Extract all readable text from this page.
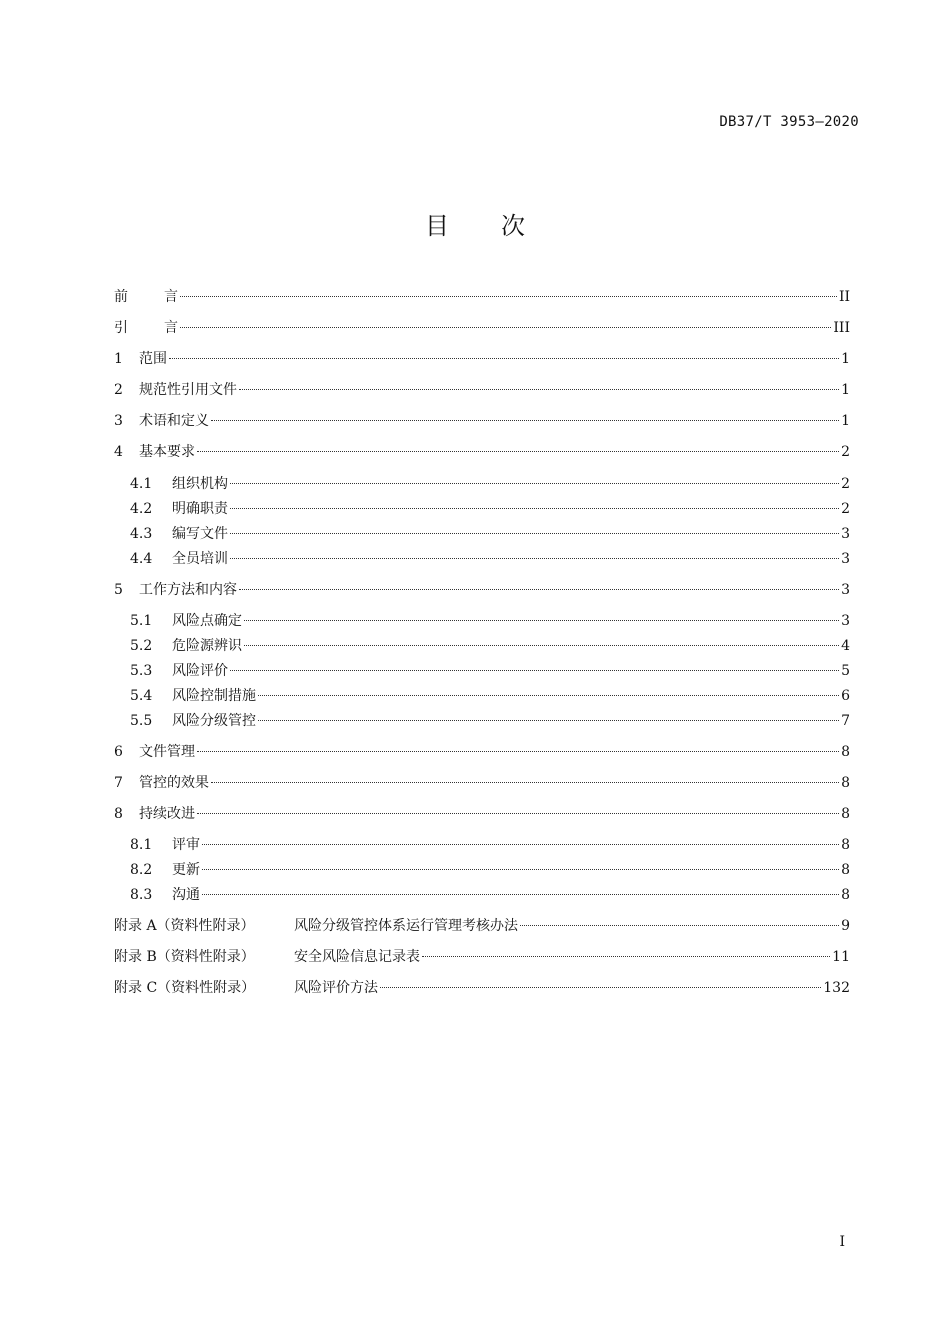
DB37/T 3953—2020
目 次
前	言	II
引	言	III
1	范围	1
2	规范性引用文件	1
3	术语和定义	1
4	基本要求	2
4.1	组织机构	2
4.2	明确职责	2
4.3	编写文件	3
4.4	全员培训	3
5	工作方法和内容	3
5.1	风险点确定	3
5.2	危险源辨识	4
5.3	风险评价	5
5.4	风险控制措施	6
5.5	风险分级管控	7
6	文件管理	8
7	管控的效果	8
8	持续改进	8
8.1	评审	8
8.2	更新	8
8.3	沟通	8
附录 A（资料性附录）	风险分级管控体系运行管理考核办法	9
附录 B（资料性附录）	安全风险信息记录表	11
附录 C（资料性附录）	风险评价方法	132
I
